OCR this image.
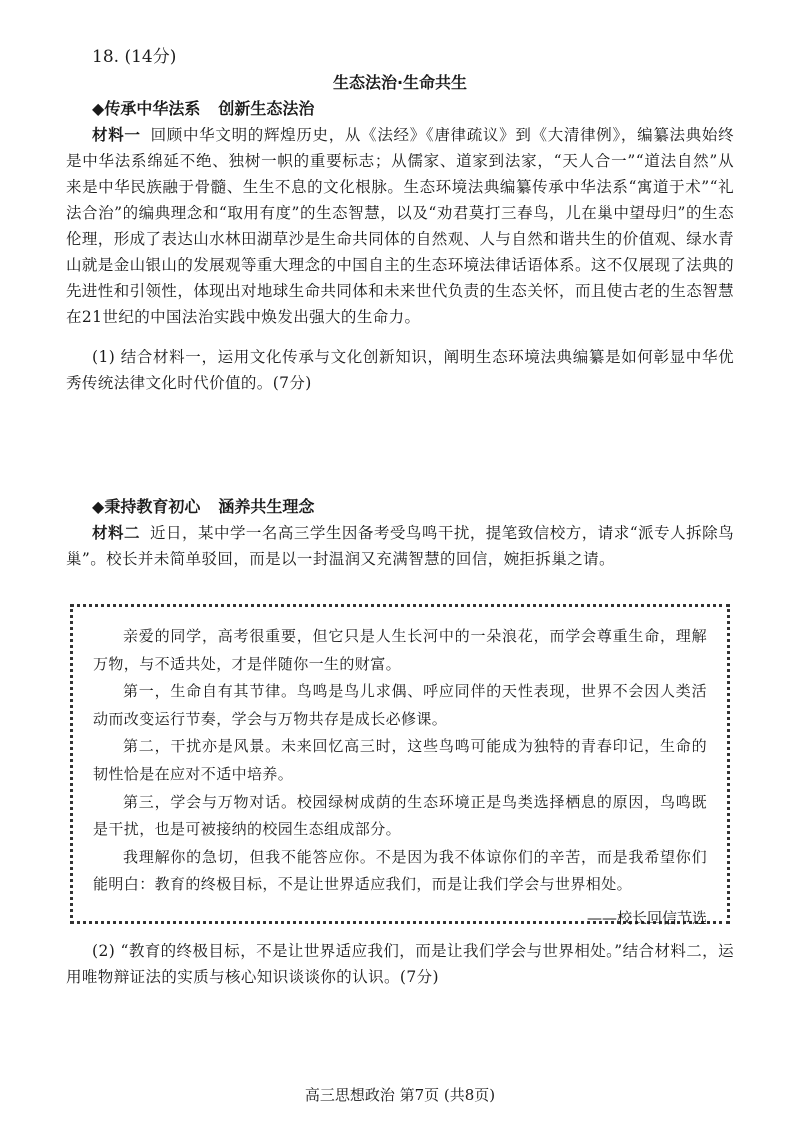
18. (14分)
生态法治·生命共生
◆传承中华法系 创新生态法治
材料一 回顾中华文明的辉煌历史，从《法经》《唐律疏议》到《大清律例》，编纂法典始终是中华法系绵延不绝、独树一帜的重要标志；从儒家、道家到法家，“天人合一”“道法自然”从来是中华民族融于骨髓、生生不息的文化根脉。生态环境法典编纂传承中华法系“寓道于术”“礼法合治”的编典理念和“取用有度”的生态智慧，以及“劝君莫打三春鸟，儿在巢中望母归”的生态伦理，形成了表达山水林田湖草沙是生命共同体的自然观、人与自然和谐共生的价值观、绿水青山就是金山银山的发展观等重大理念的中国自主的生态环境法律话语体系。这不仅展现了法典的先进性和引领性，体现出对地球生命共同体和未来世代负责的生态关怀，而且使古老的生态智慧在21世纪的中国法治实践中焕发出强大的生命力。
(1) 结合材料一，运用文化传承与文化创新知识，阐明生态环境法典编纂是如何彰显中华优秀传统法律文化时代价值的。(7分)
◆秉持教育初心 涵养共生理念
材料二 近日，某中学一名高三学生因备考受鸟鸣干扰，提笔致信校方，请求“派专人拆除鸟巢”。校长并未简单驳回，而是以一封温润又充满智慧的回信，婉拒拆巢之请。

亲爱的同学，高考很重要，但它只是人生长河中的一朵浪花，而学会尊重生命，理解万物，与不适共处，才是伴随你一生的财富。

第一，生命自有其节律。鸟鸣是鸟儿求偶、呼应同伴的天性表现，世界不会因人类活动而改变运行节奏，学会与万物共存是成长必修课。

第二，干扰亦是风景。未来回忆高三时，这些鸟鸣可能成为独特的青春印记，生命的韧性恰是在应对不适中培养。

第三，学会与万物对话。校园绿树成荫的生态环境正是鸟类选择栖息的原因，鸟鸣既是干扰，也是可被接纳的校园生态组成部分。

我理解你的急切，但我不能答应你。不是因为我不体谅你们的辛苦，而是我希望你们能明白：教育的终极目标，不是让世界适应我们，而是让我们学会与世界相处。

——校长回信节选
(2) “教育的终极目标，不是让世界适应我们，而是让我们学会与世界相处。”结合材料二，运用唯物辩证法的实质与核心知识谈谈你的认识。(7分)
高三思想政治 第7页 (共8页)
